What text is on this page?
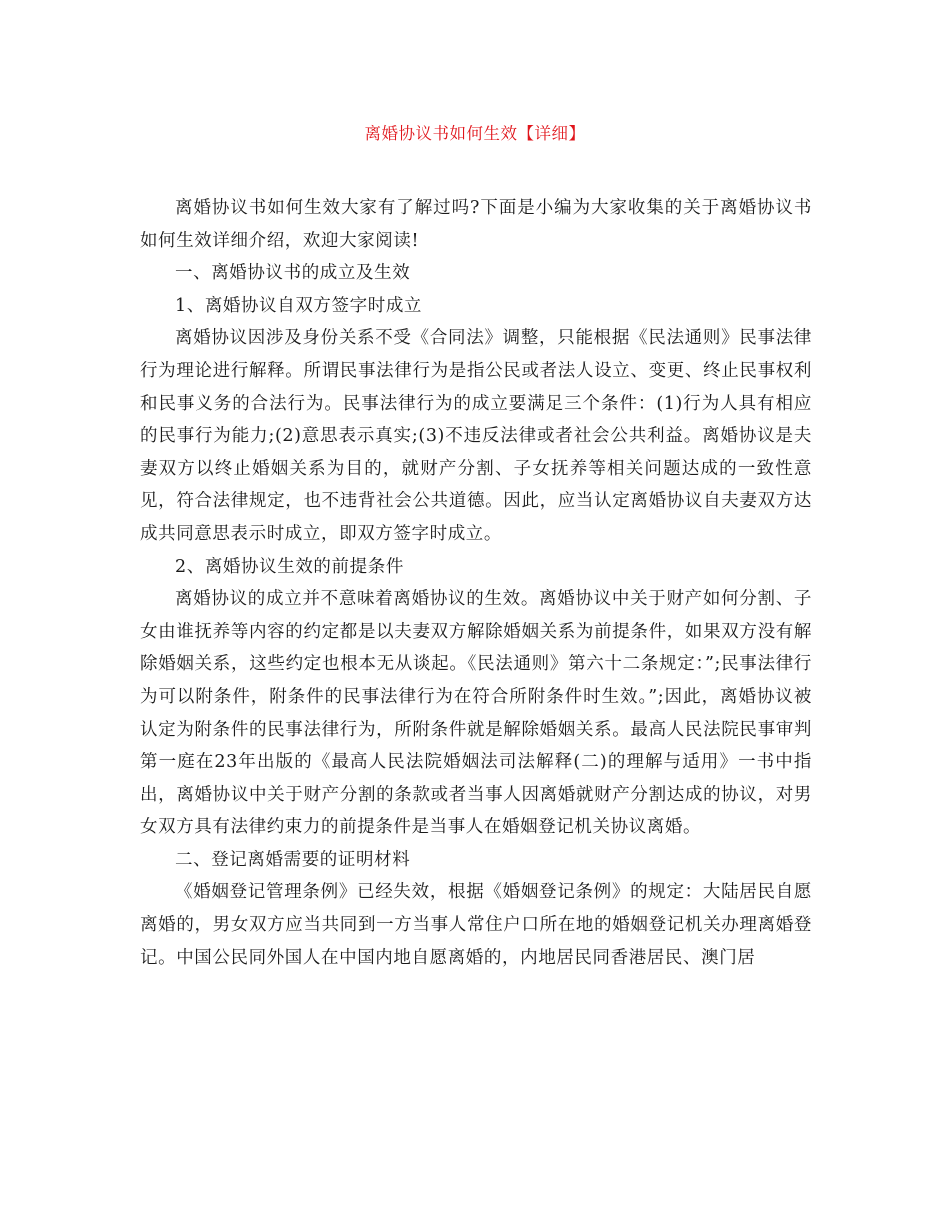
离婚协议书如何生效【详细】

离婚协议书如何生效大家有了解过吗?下面是小编为大家收集的关于离婚协议书如何生效详细介绍，欢迎大家阅读!

一、离婚协议书的成立及生效

1、离婚协议自双方签字时成立

离婚协议因涉及身份关系不受《合同法》调整，只能根据《民法通则》民事法律行为理论进行解释。所谓民事法律行为是指公民或者法人设立、变更、终止民事权利和民事义务的合法行为。民事法律行为的成立要满足三个条件：(1)行为人具有相应的民事行为能力;(2)意思表示真实;(3)不违反法律或者社会公共利益。离婚协议是夫妻双方以终止婚姻关系为目的，就财产分割、子女抚养等相关问题达成的一致性意见，符合法律规定，也不违背社会公共道德。因此，应当认定离婚协议自夫妻双方达成共同意思表示时成立，即双方签字时成立。

2、离婚协议生效的前提条件

离婚协议的成立并不意味着离婚协议的生效。离婚协议中关于财产如何分割、子女由谁抚养等内容的约定都是以夫妻双方解除婚姻关系为前提条件，如果双方没有解除婚姻关系，这些约定也根本无从谈起。《民法通则》第六十二条规定：”;民事法律行为可以附条件，附条件的民事法律行为在符合所附条件时生效。”;因此，离婚协议被认定为附条件的民事法律行为，所附条件就是解除婚姻关系。最高人民法院民事审判第一庭在23年出版的《最高人民法院婚姻法司法解释(二)的理解与适用》一书中指出，离婚协议中关于财产分割的条款或者当事人因离婚就财产分割达成的协议，对男女双方具有法律约束力的前提条件是当事人在婚姻登记机关协议离婚。

二、登记离婚需要的证明材料

《婚姻登记管理条例》已经失效，根据《婚姻登记条例》的规定：大陆居民自愿离婚的，男女双方应当共同到一方当事人常住户口所在地的婚姻登记机关办理离婚登记。中国公民同外国人在中国内地自愿离婚的，内地居民同香港居民、澳门居
